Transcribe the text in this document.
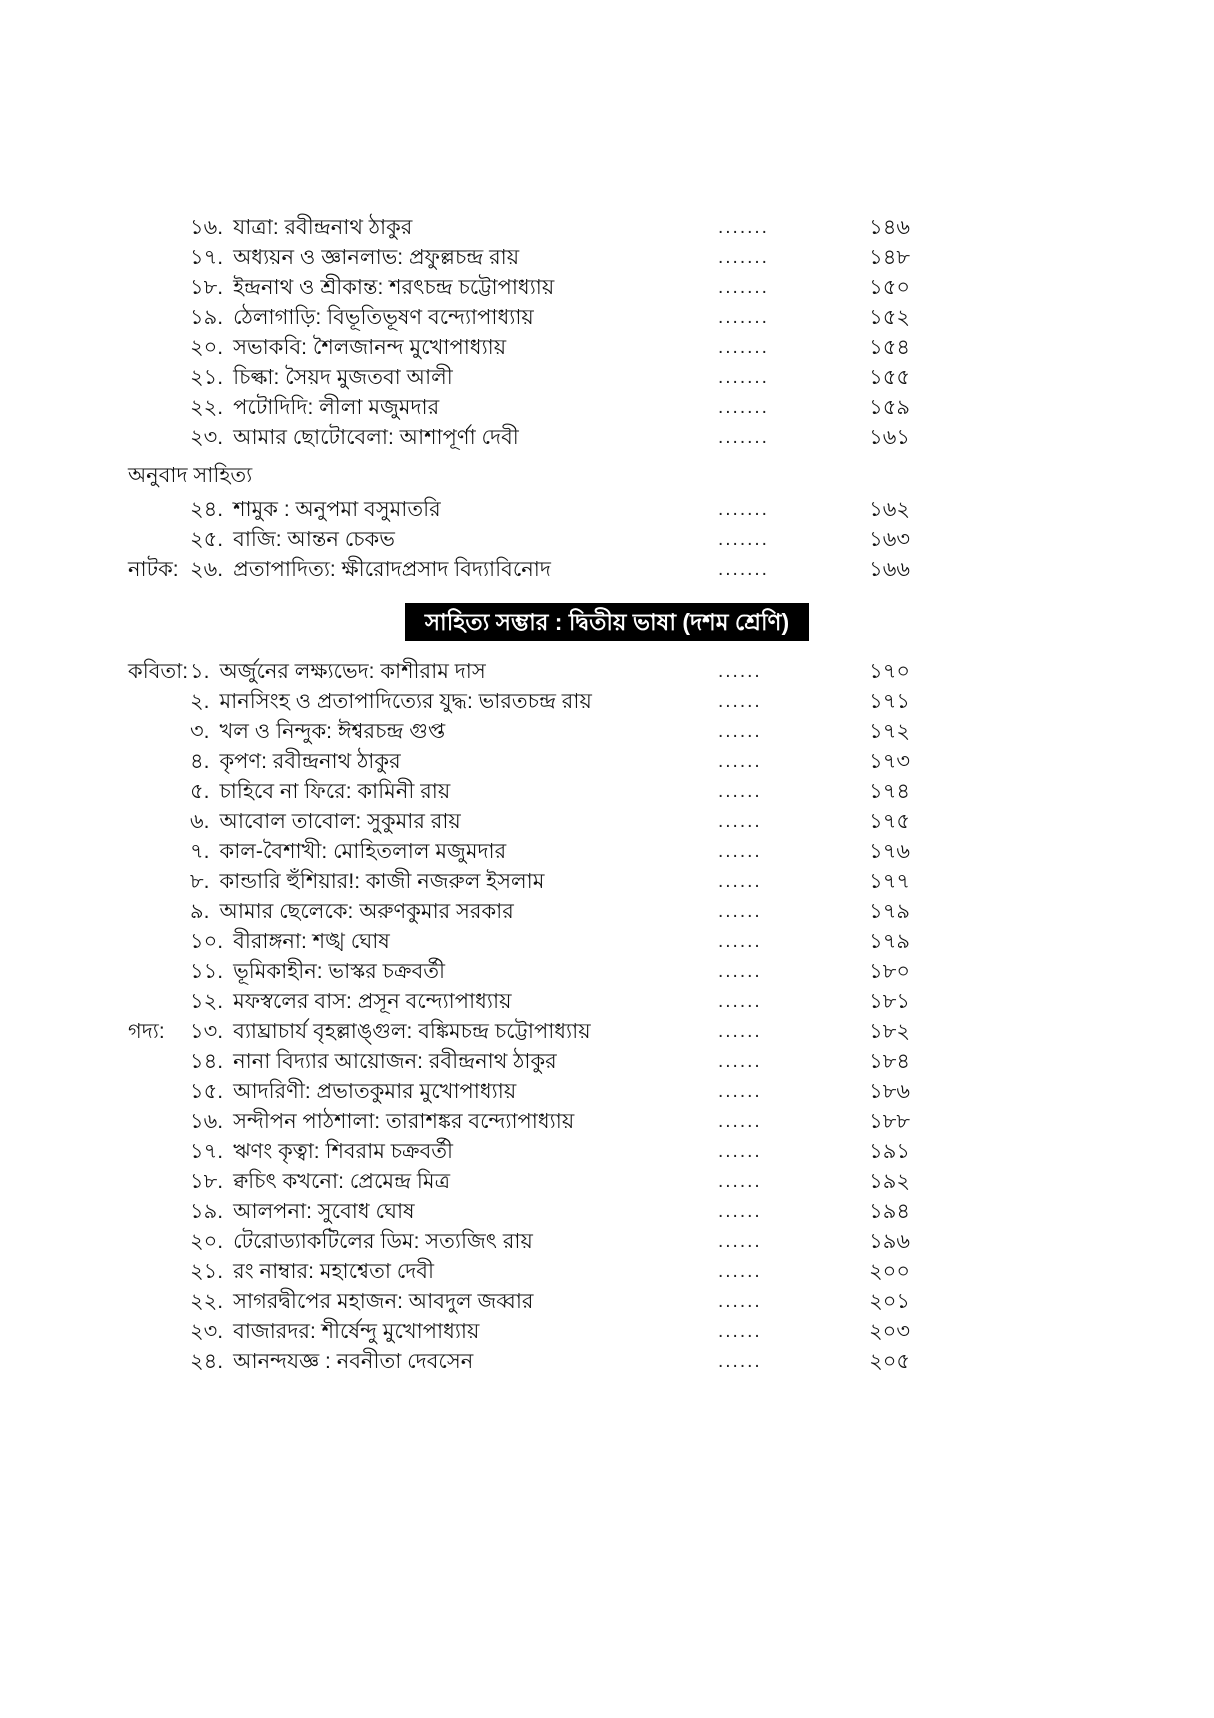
১৬. যাত্রা: রবীন্দ্রনাথ ঠাকুর	.......	১৪৬
১৭. অধ্যয়ন ও জ্ঞানলাভ: প্রফুল্লচন্দ্র রায়	.......	১৪৮
১৮. ইন্দ্রনাথ ও শ্রীকান্ত: শরৎচন্দ্র চট্টোপাধ্যায়	.......	১৫০
১৯. ঠেলাগাড়ি: বিভূতিভূষণ বন্দ্যোপাধ্যায়	.......	১৫২
২০. সভাকবি: শৈলজানন্দ মুখোপাধ্যায়	.......	১৫৪
২১. চিল্কা: সৈয়দ মুজতবা আলী	.......	১৫৫
২২. পটোদিদি: লীলা মজুমদার	.......	১৫৯
২৩. আমার ছোটোবেলা: আশাপূর্ণা দেবী	.......	১৬১
অনুবাদ সাহিত্য
২৪. শামুক : অনুপমা বসুমাতরি	.......	১৬২
২৫. বাজি: আন্তন চেকভ	.......	১৬৩
নাটক: ২৬. প্রতাপাদিত্য: ক্ষীরোদপ্রসাদ বিদ্যাবিনোদ	.......	১৬৬
সাহিত্য সম্ভার : দ্বিতীয় ভাষা (দশম শ্রেণি)
কবিতা: ১. অর্জুনের লক্ষ্যভেদ: কাশীরাম দাস	......	১৭০
২. মানসিংহ ও প্রতাপাদিত্যের যুদ্ধ: ভারতচন্দ্র রায়	......	১৭১
৩. খল ও নিন্দুক: ঈশ্বরচন্দ্র গুপ্ত	......	১৭২
৪. কৃপণ: রবীন্দ্রনাথ ঠাকুর	......	১৭৩
৫. চাহিবে না ফিরে: কামিনী রায়	......	১৭৪
৬. আবোল তাবোল: সুকুমার রায়	......	১৭৫
৭. কাল-বৈশাখী: মোহিতলাল মজুমদার	......	১৭৬
৮. কান্ডারি হুঁশিয়ার!: কাজী নজরুল ইসলাম	......	১৭৭
৯. আমার ছেলেকে: অরুণকুমার সরকার	......	১৭৯
১০. বীরাঙ্গনা: শঙ্খ ঘোষ	......	১৭৯
১১. ভূমিকাহীন: ভাস্কর চক্রবর্তী	......	১৮০
১২. মফস্বলের বাস: প্রসূন বন্দ্যোপাধ্যায়	......	১৮১
গদ্য: ১৩. ব্যাঘ্রাচার্য বৃহল্লাঙ্গুল: বঙ্কিমচন্দ্র চট্টোপাধ্যায়	......	১৮২
১৪. নানা বিদ্যার আয়োজন: রবীন্দ্রনাথ ঠাকুর	......	১৮৪
১৫. আদরিণী: প্রভাতকুমার মুখোপাধ্যায়	......	১৮৬
১৬. সন্দীপন পাঠশালা: তারাশঙ্কর বন্দ্যোপাধ্যায়	......	১৮৮
১৭. ঋণং কৃত্বা: শিবরাম চক্রবর্তী	......	১৯১
১৮. ক্বচিৎ কখনো: প্রেমেন্দ্র মিত্র	......	১৯২
১৯. আলপনা: সুবোধ ঘোষ	......	১৯৪
২০. টেরোড্যাকটিলের ডিম: সত্যজিৎ রায়	......	১৯৬
২১. রং নাম্বার: মহাশ্বেতা দেবী	......	২০০
২২. সাগরদ্বীপের মহাজন: আবদুল জব্বার	......	২০১
২৩. বাজারদর: শীর্ষেন্দু মুখোপাধ্যায়	......	২০৩
২৪. আনন্দযজ্ঞ : নবনীতা দেবসেন	......	২০৫
